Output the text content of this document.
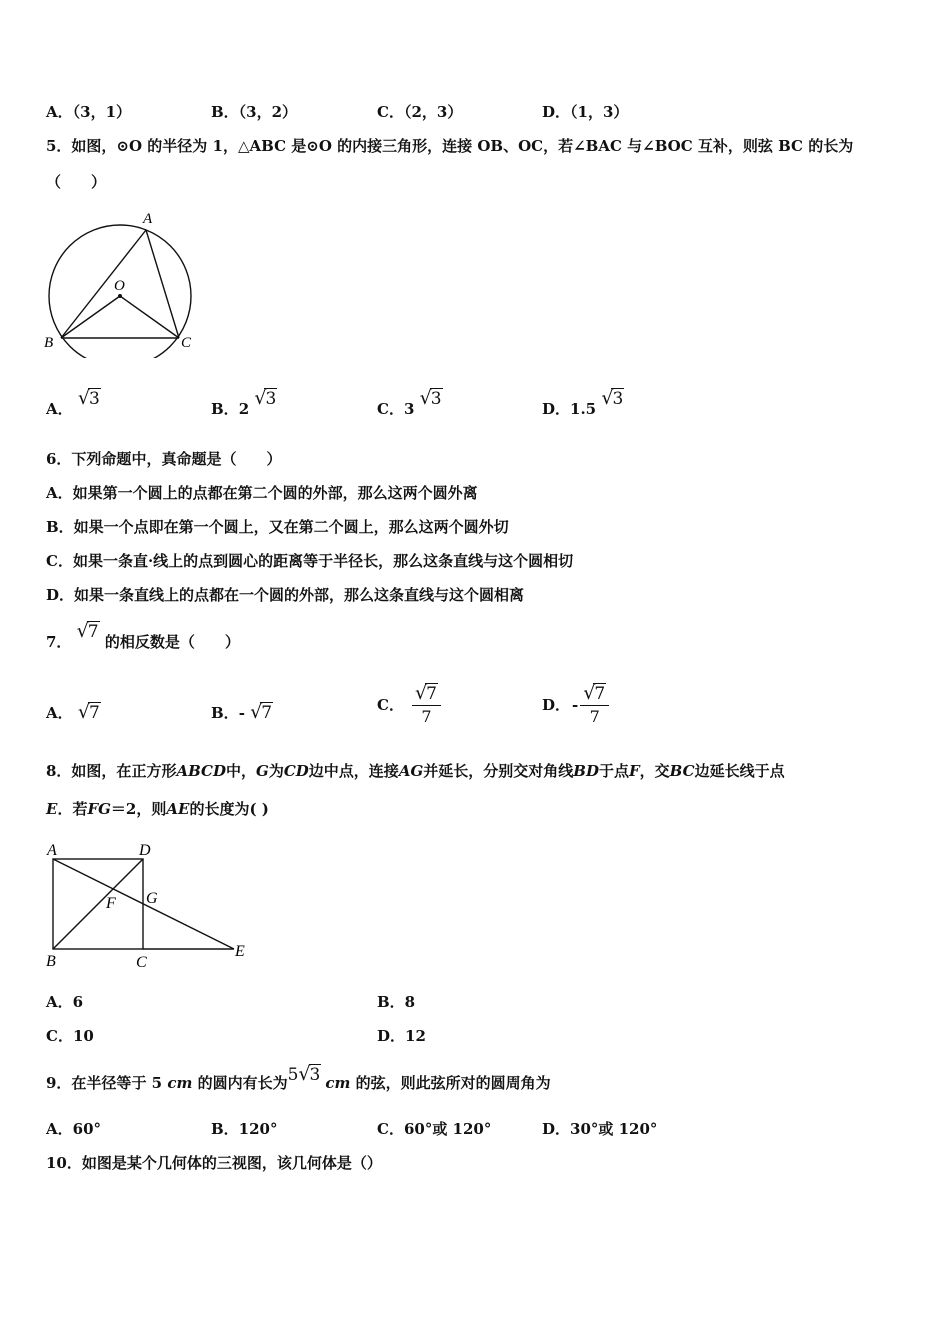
A．（3，1）	B．（3，2）	C．（2，3）	D．（1，3）
5．如图，⊙O 的半径为 1，△ABC 是⊙O 的内接三角形，连接 OB、OC，若∠BAC 与∠BOC 互补，则弦 BC 的长为
（　　）
A
O
B	C
A． √3	B．2 √3	C．3 √3	D．1.5 √3
6．下列命题中，真命题是（　　）
A．如果第一个圆上的点都在第二个圆的外部，那么这两个圆外离
B．如果一个点即在第一个圆上，又在第二个圆上，那么这两个圆外切
C．如果一条直·线上的点到圆心的距离等于半径长，那么这条直线与这个圆相切
D．如果一条直线上的点都在一个圆的外部，那么这条直线与这个圆相离
7． √7 的相反数是（　　）
A． √7	B．- √7	C． $\frac{√7}{7}$	D． - $\frac{√7}{7}$
8．如图，在正方形ABCD中，G为CD边中点，连接AG并延长，分别交对角线BD于点F，交BC边延长线于点
E．若FG＝2，则AE的长度为( )
A	D
F G
B	C
E
A．6	B．8
C．10	D．12
9．在半径等于 5 cm 的圆内有长为5√3 cm 的弦，则此弦所对的圆周角为
A．60°	B．120°	C．60°或 120°	D．30°或 120°
10．如图是某个几何体的三视图，该几何体是（）
